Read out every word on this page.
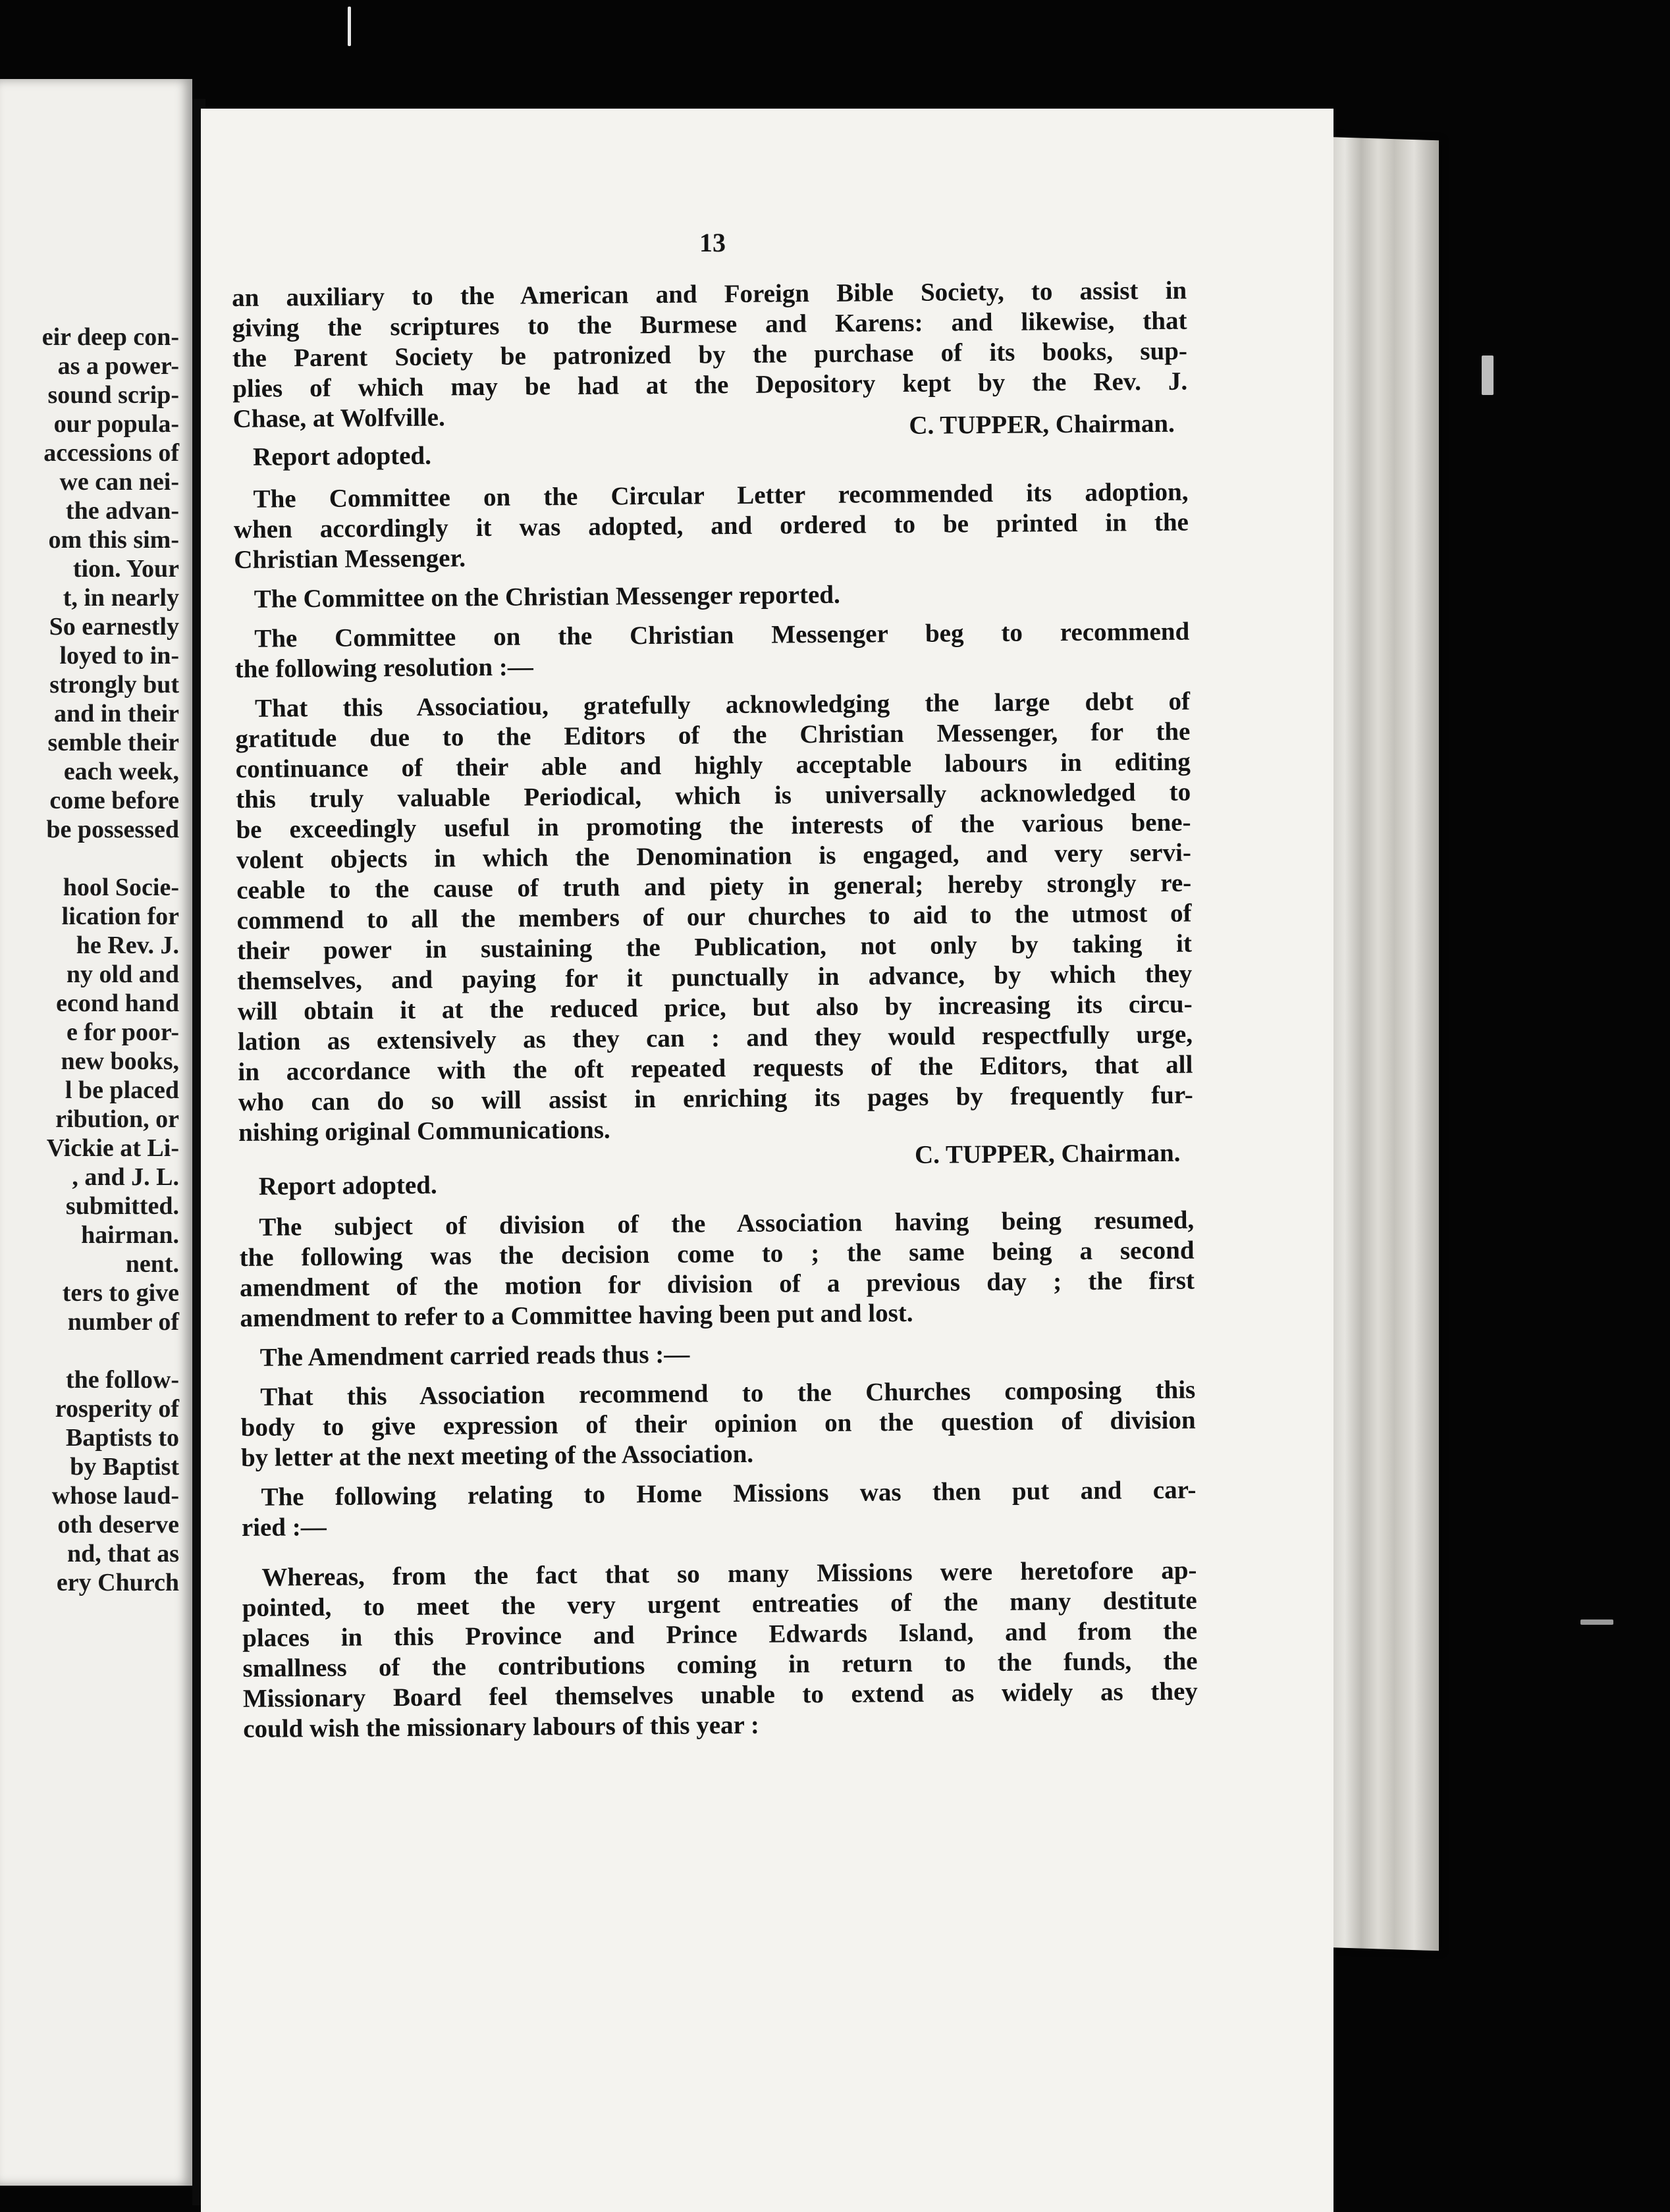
eir deep con-
as a power-
sound scrip-
our popula-
accessions of
we can nei-
the advan-
om this sim-
tion. Your
t, in nearly
So earnestly
loyed to in-
strongly but
and in their
semble their
each week,
come before
be possessed
hool Socie-
lication for
he Rev. J.
ny old and
econd hand
e for poor-
new books,
l be placed
ribution, or
Vickie at Li-
, and J. L.
submitted.
hairman.
nent.
ters to give
number of
the follow-
rosperity of
Baptists to
by Baptist
whose laud-
oth deserve
nd, that as
ery Church
13
an auxiliary to the American and Foreign Bible Society, to assist in
giving the scriptures to the Burmese and Karens: and likewise, that
the Parent Society be patronized by the purchase of its books, sup-
plies of which may be had at the Depository kept by the Rev. J.
Chase, at Wolfville.	C. TUPPER, Chairman.
Report adopted.
The Committee on the Circular Letter recommended its adoption,
when accordingly it was adopted, and ordered to be printed in the
Christian Messenger.
The Committee on the Christian Messenger reported.
The Committee on the Christian Messenger beg to recommend
the following resolution :—
That this Associatiou, gratefully acknowledging the large debt of
gratitude due to the Editors of the Christian Messenger, for the
continuance of their able and highly acceptable labours in editing
this truly valuable Periodical, which is universally acknowledged to
be exceedingly useful in promoting the interests of the various bene-
volent objects in which the Denomination is engaged, and very servi-
ceable to the cause of truth and piety in general; hereby strongly re-
commend to all the members of our churches to aid to the utmost of
their power in sustaining the Publication, not only by taking it
themselves, and paying for it punctually in advance, by which they
will obtain it at the reduced price, but also by increasing its circu-
lation as extensively as they can : and they would respectfully urge,
in accordance with the oft repeated requests of the Editors, that all
who can do so will assist in enriching its pages by frequently fur-
nishing original Communications.
C. TUPPER, Chairman.
Report adopted.
The subject of division of the Association having being resumed,
the following was the decision come to ; the same being a second
amendment of the motion for division of a previous day ; the first
amendment to refer to a Committee having been put and lost.
The Amendment carried reads thus :—
That this Association recommend to the Churches composing this
body to give expression of their opinion on the question of division
by letter at the next meeting of the Association.
The following relating to Home Missions was then put and car-
ried :—
Whereas, from the fact that so many Missions were heretofore ap-
pointed, to meet the very urgent entreaties of the many destitute
places in this Province and Prince Edwards Island, and from the
smallness of the contributions coming in return to the funds, the
Missionary Board feel themselves unable to extend as widely as they
could wish the missionary labours of this year :
